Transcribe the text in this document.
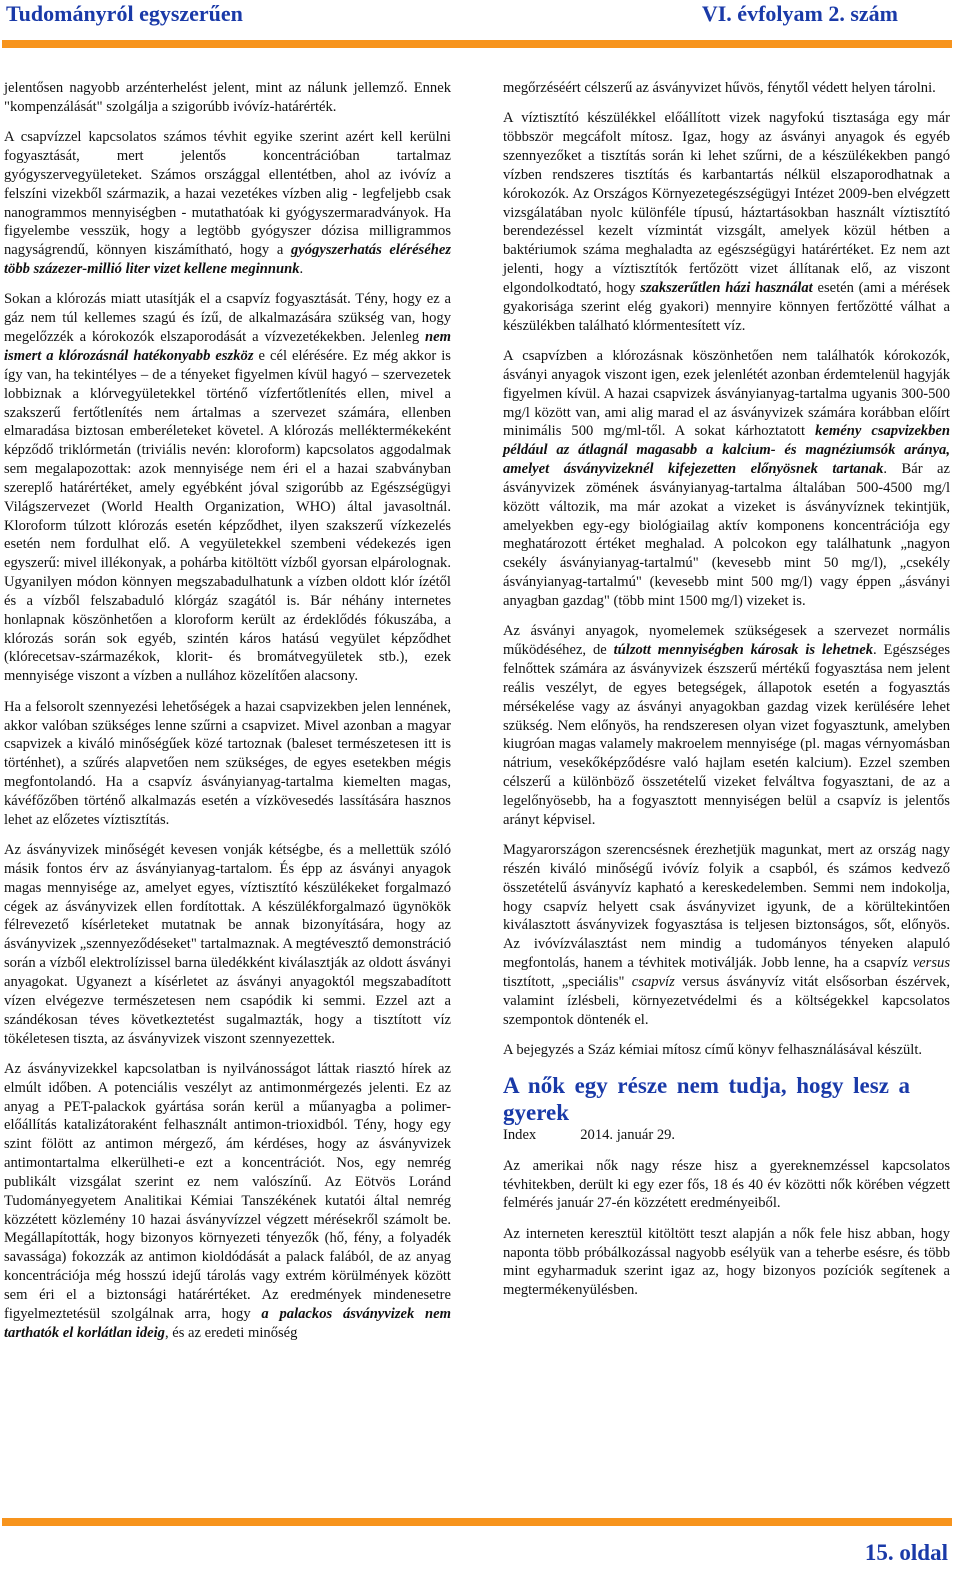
Tudományról egyszerűen	VI. évfolyam 2. szám

jelentősen nagyobb arzénterhelést jelent, mint az nálunk jellemző. Ennek "kompenzálását" szolgálja a szigorúbb ivóvíz-határérték.

A csapvízzel kapcsolatos számos tévhit egyike szerint azért kell kerülni fogyasztását, mert jelentős koncentrációban tartalmaz gyógyszervegyületeket. Számos országgal ellentétben, ahol az ivóvíz a felszíni vizekből származik, a hazai vezetékes vízben alig - legfeljebb csak nanogrammos mennyiségben - mutathatóak ki gyógyszermaradványok. Ha figyelembe vesszük, hogy a legtöbb gyógyszer dózisa milligrammos nagyságrendű, könnyen kiszámítható, hogy a gyógyszerhatás eléréséhez több százezer-millió liter vizet kellene meginnunk.

Sokan a klórozás miatt utasítják el a csapvíz fogyasztását. Tény, hogy ez a gáz nem túl kellemes szagú és ízű, de alkalmazására szükség van, hogy megelőzzék a kórokozók elszaporodását a vízvezetékekben. Jelenleg nem ismert a klórozásnál hatékonyabb eszköz e cél elérésére. Ez még akkor is így van, ha tekintélyes – de a tényeket figyelmen kívül hagyó – szervezetek lobbiznak a klórvegyületekkel történő vízfertőtlenítés ellen, mivel a szakszerű fertőtlenítés nem ártalmas a szervezet számára, ellenben elmaradása biztosan emberéleteket követel. A klórozás melléktermékeként képződő triklórmetán (triviális nevén: kloroform) kapcsolatos aggodalmak sem megalapozottak: azok mennyisége nem éri el a hazai szabványban szereplő határértéket, amely egyébként jóval szigorúbb az Egészségügyi Világszervezet (World Health Organization, WHO) által javasoltnál. Kloroform túlzott klórozás esetén képződhet, ilyen szakszerű vízkezelés esetén nem fordulhat elő. A vegyületekkel szembeni védekezés igen egyszerű: mivel illékonyak, a pohárba kitöltött vízből gyorsan elpárolognak. Ugyanilyen módon könnyen megszabadulhatunk a vízben oldott klór ízétől és a vízből felszabaduló klórgáz szagától is. Bár néhány internetes honlapnak köszönhetően a kloroform került az érdeklődés fókuszába, a klórozás során sok egyéb, szintén káros hatású vegyület képződhet (klórecetsav-származékok, klorit- és bromátvegyületek stb.), ezek mennyisége viszont a vízben a nullához közelítően alacsony.

Ha a felsorolt szennyezési lehetőségek a hazai csapvizekben jelen lennének, akkor valóban szükséges lenne szűrni a csapvizet. Mivel azonban a magyar csapvizek a kiváló minőségűek közé tartoznak (baleset természetesen itt is történhet), a szűrés alapvetően nem szükséges, de egyes esetekben mégis megfontolandó. Ha a csapvíz ásványianyag-tartalma kiemelten magas, kávéfőzőben történő alkalmazás esetén a vízkövesedés lassítására hasznos lehet az előzetes víztisztítás.

Az ásványvizek minőségét kevesen vonják kétségbe, és a mellettük szóló másik fontos érv az ásványianyag-tartalom. És épp az ásványi anyagok magas mennyisége az, amelyet egyes, víztisztító készülékeket forgalmazó cégek az ásványvizek ellen fordítottak. A készülékforgalmazó ügynökök félrevezető kísérleteket mutatnak be annak bizonyítására, hogy az ásványvizek „szennyeződéseket" tartalmaznak. A megtévesztő demonstráció során a vízből elektrolízissel barna üledékként kiválasztják az oldott ásványi anyagokat. Ugyanezt a kísérletet az ásványi anyagoktól megszabadított vízen elvégezve természetesen nem csapódik ki semmi. Ezzel azt a szándékosan téves következtetést sugalmazták, hogy a tisztított víz tökéletesen tiszta, az ásványvizek viszont szennyezettek.

Az ásványvizekkel kapcsolatban is nyilvánosságot láttak riasztó hírek az elmúlt időben. A potenciális veszélyt az antimonmérgezés jelenti. Ez az anyag a PET-palackok gyártása során kerül a műanyagba a polimer-előállítás katalizátoraként felhasznált antimon-trioxidból. Tény, hogy egy szint fölött az antimon mérgező, ám kérdéses, hogy az ásványvizek antimontartalma elkerülheti-e ezt a koncentrációt. Nos, egy nemrég publikált vizsgálat szerint ez nem valószínű. Az Eötvös Loránd Tudományegyetem Analitikai Kémiai Tanszékének kutatói által nemrég közzétett közlemény 10 hazai ásványvízzel végzett mérésekről számolt be. Megállapították, hogy bizonyos környezeti tényezők (hő, fény, a folyadék savassága) fokozzák az antimon kioldódását a palack falából, de az anyag koncentrációja még hosszú idejű tárolás vagy extrém körülmények között sem éri el a biztonsági határértéket. Az eredmények mindenesetre figyelmeztetésül szolgálnak arra, hogy a palackos ásványvizek nem tarthatók el korlátlan ideig, és az eredeti minőség

megőrzéséért célszerű az ásványvizet hűvös, fénytől védett helyen tárolni.

A víztisztító készülékkel előállított vizek nagyfokú tisztasága egy már többször megcáfolt mítosz. Igaz, hogy az ásványi anyagok és egyéb szennyezőket a tisztítás során ki lehet szűrni, de a készülékekben pangó vízben rendszeres tisztítás és karbantartás nélkül elszaporodhatnak a kórokozók. Az Országos Környezetegészségügyi Intézet 2009-ben elvégzett vizsgálatában nyolc különféle típusú, háztartásokban használt víztisztító berendezéssel kezelt vízmintát vizsgált, amelyek közül hétben a baktériumok száma meghaladta az egészségügyi határértéket. Ez nem azt jelenti, hogy a víztisztítók fertőzött vizet állítanak elő, az viszont elgondolkodtató, hogy szakszerűtlen házi használat esetén (ami a mérések gyakorisága szerint elég gyakori) mennyire könnyen fertőzötté válhat a készülékben található klórmentesített víz.

A csapvízben a klórozásnak köszönhetően nem találhatók kórokozók, ásványi anyagok viszont igen, ezek jelenlétét azonban érdemtelenül hagyják figyelmen kívül. A hazai csapvizek ásványianyag-tartalma ugyanis 300-500 mg/l között van, ami alig marad el az ásványvizek számára korábban előírt minimális 500 mg/ml-től. A sokat kárhoztatott kemény csapvizekben például az átlagnál magasabb a kalcium- és magnéziumsók aránya, amelyet ásványvizeknél kifejezetten előnyösnek tartanak. Bár az ásványvizek zömének ásványianyag-tartalma általában 500-4500 mg/l között változik, ma már azokat a vizeket is ásványvíznek tekintjük, amelyekben egy-egy biológiailag aktív komponens koncentrációja egy meghatározott értéket meghalad. A polcokon egy találhatunk „nagyon csekély ásványianyag-tartalmú" (kevesebb mint 50 mg/l), „csekély ásványianyag-tartalmú" (kevesebb mint 500 mg/l) vagy éppen „ásványi anyagban gazdag" (több mint 1500 mg/l) vizeket is.

Az ásványi anyagok, nyomelemek szükségesek a szervezet normális működéséhez, de túlzott mennyiségben károsak is lehetnek. Egészséges felnőttek számára az ásványvizek észszerű mértékű fogyasztása nem jelent reális veszélyt, de egyes betegségek, állapotok esetén a fogyasztás mérsékelése vagy az ásványi anyagokban gazdag vizek kerülésére lehet szükség. Nem előnyös, ha rendszeresen olyan vizet fogyasztunk, amelyben kiugróan magas valamely makroelem mennyisége (pl. magas vérnyomásban nátrium, vesekőképződésre való hajlam esetén kalcium). Ezzel szemben célszerű a különböző összetételű vizeket felváltva fogyasztani, de az a legelőnyösebb, ha a fogyasztott mennyiségen belül a csapvíz is jelentős arányt képvisel.

Magyarországon szerencsésnek érezhetjük magunkat, mert az ország nagy részén kiváló minőségű ivóvíz folyik a csapból, és számos kedvező összetételű ásványvíz kapható a kereskedelemben. Semmi nem indokolja, hogy csapvíz helyett csak ásványvizet igyunk, de a körültekintően kiválasztott ásványvizek fogyasztása is teljesen biztonságos, sőt, előnyös. Az ivóvízválasztást nem mindig a tudományos tényeken alapuló megfontolás, hanem a tévhitek motiválják. Jobb lenne, ha a csapvíz versus tisztított, „speciális" csapvíz versus ásványvíz vitát elsősorban észérvek, valamint ízlésbeli, környezetvédelmi és a költségekkel kapcsolatos szempontok döntenék el.

A bejegyzés a Száz kémiai mítosz című könyv felhasználásával készült.

A nők egy része nem tudja, hogy lesz a gyerek

Index	2014. január 29.

Az amerikai nők nagy része hisz a gyereknemzéssel kapcsolatos tévhitekben, derült ki egy ezer fős, 18 és 40 év közötti nők körében végzett felmérés január 27-én közzétett eredményeiből.

Az interneten keresztül kitöltött teszt alapján a nők fele hisz abban, hogy naponta több próbálkozással nagyobb esélyük van a teherbe esésre, és több mint egyharmaduk szerint igaz az, hogy bizonyos pozíciók segítenek a megtermékenyülésben.

15. oldal
